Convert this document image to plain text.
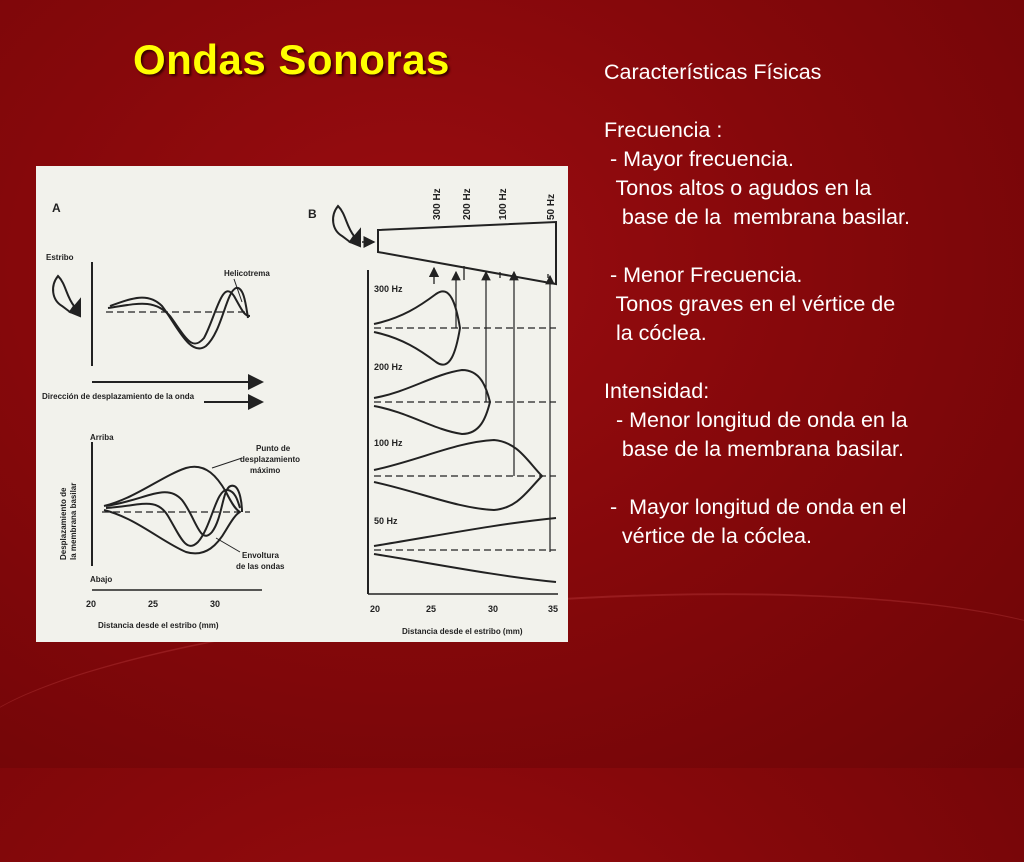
Ondas Sonoras
A
Estribo
Helicotrema
Dirección de desplazamiento de la onda
Arriba
Desplazamiento de la membrana basilar
Punto de
desplazamiento
máximo
Envoltura
de las ondas
Abajo
20	25	30
Distancia desde el estribo (mm)
B	300 Hz 200 Hz	100 Hz	50 Hz
300 Hz
200 Hz
100 Hz
50 Hz
20	25	30	35
Distancia desde el estribo (mm)
Características Físicas
Frecuencia :
- Mayor frecuencia.
Tonos altos o agudos en la
base de la  membrana basilar.
- Menor Frecuencia.
Tonos graves en el vértice de
la cóclea.
Intensidad:
- Menor longitud de onda en la
base de la membrana basilar.
-  Mayor longitud de onda en el
vértice de la cóclea.
